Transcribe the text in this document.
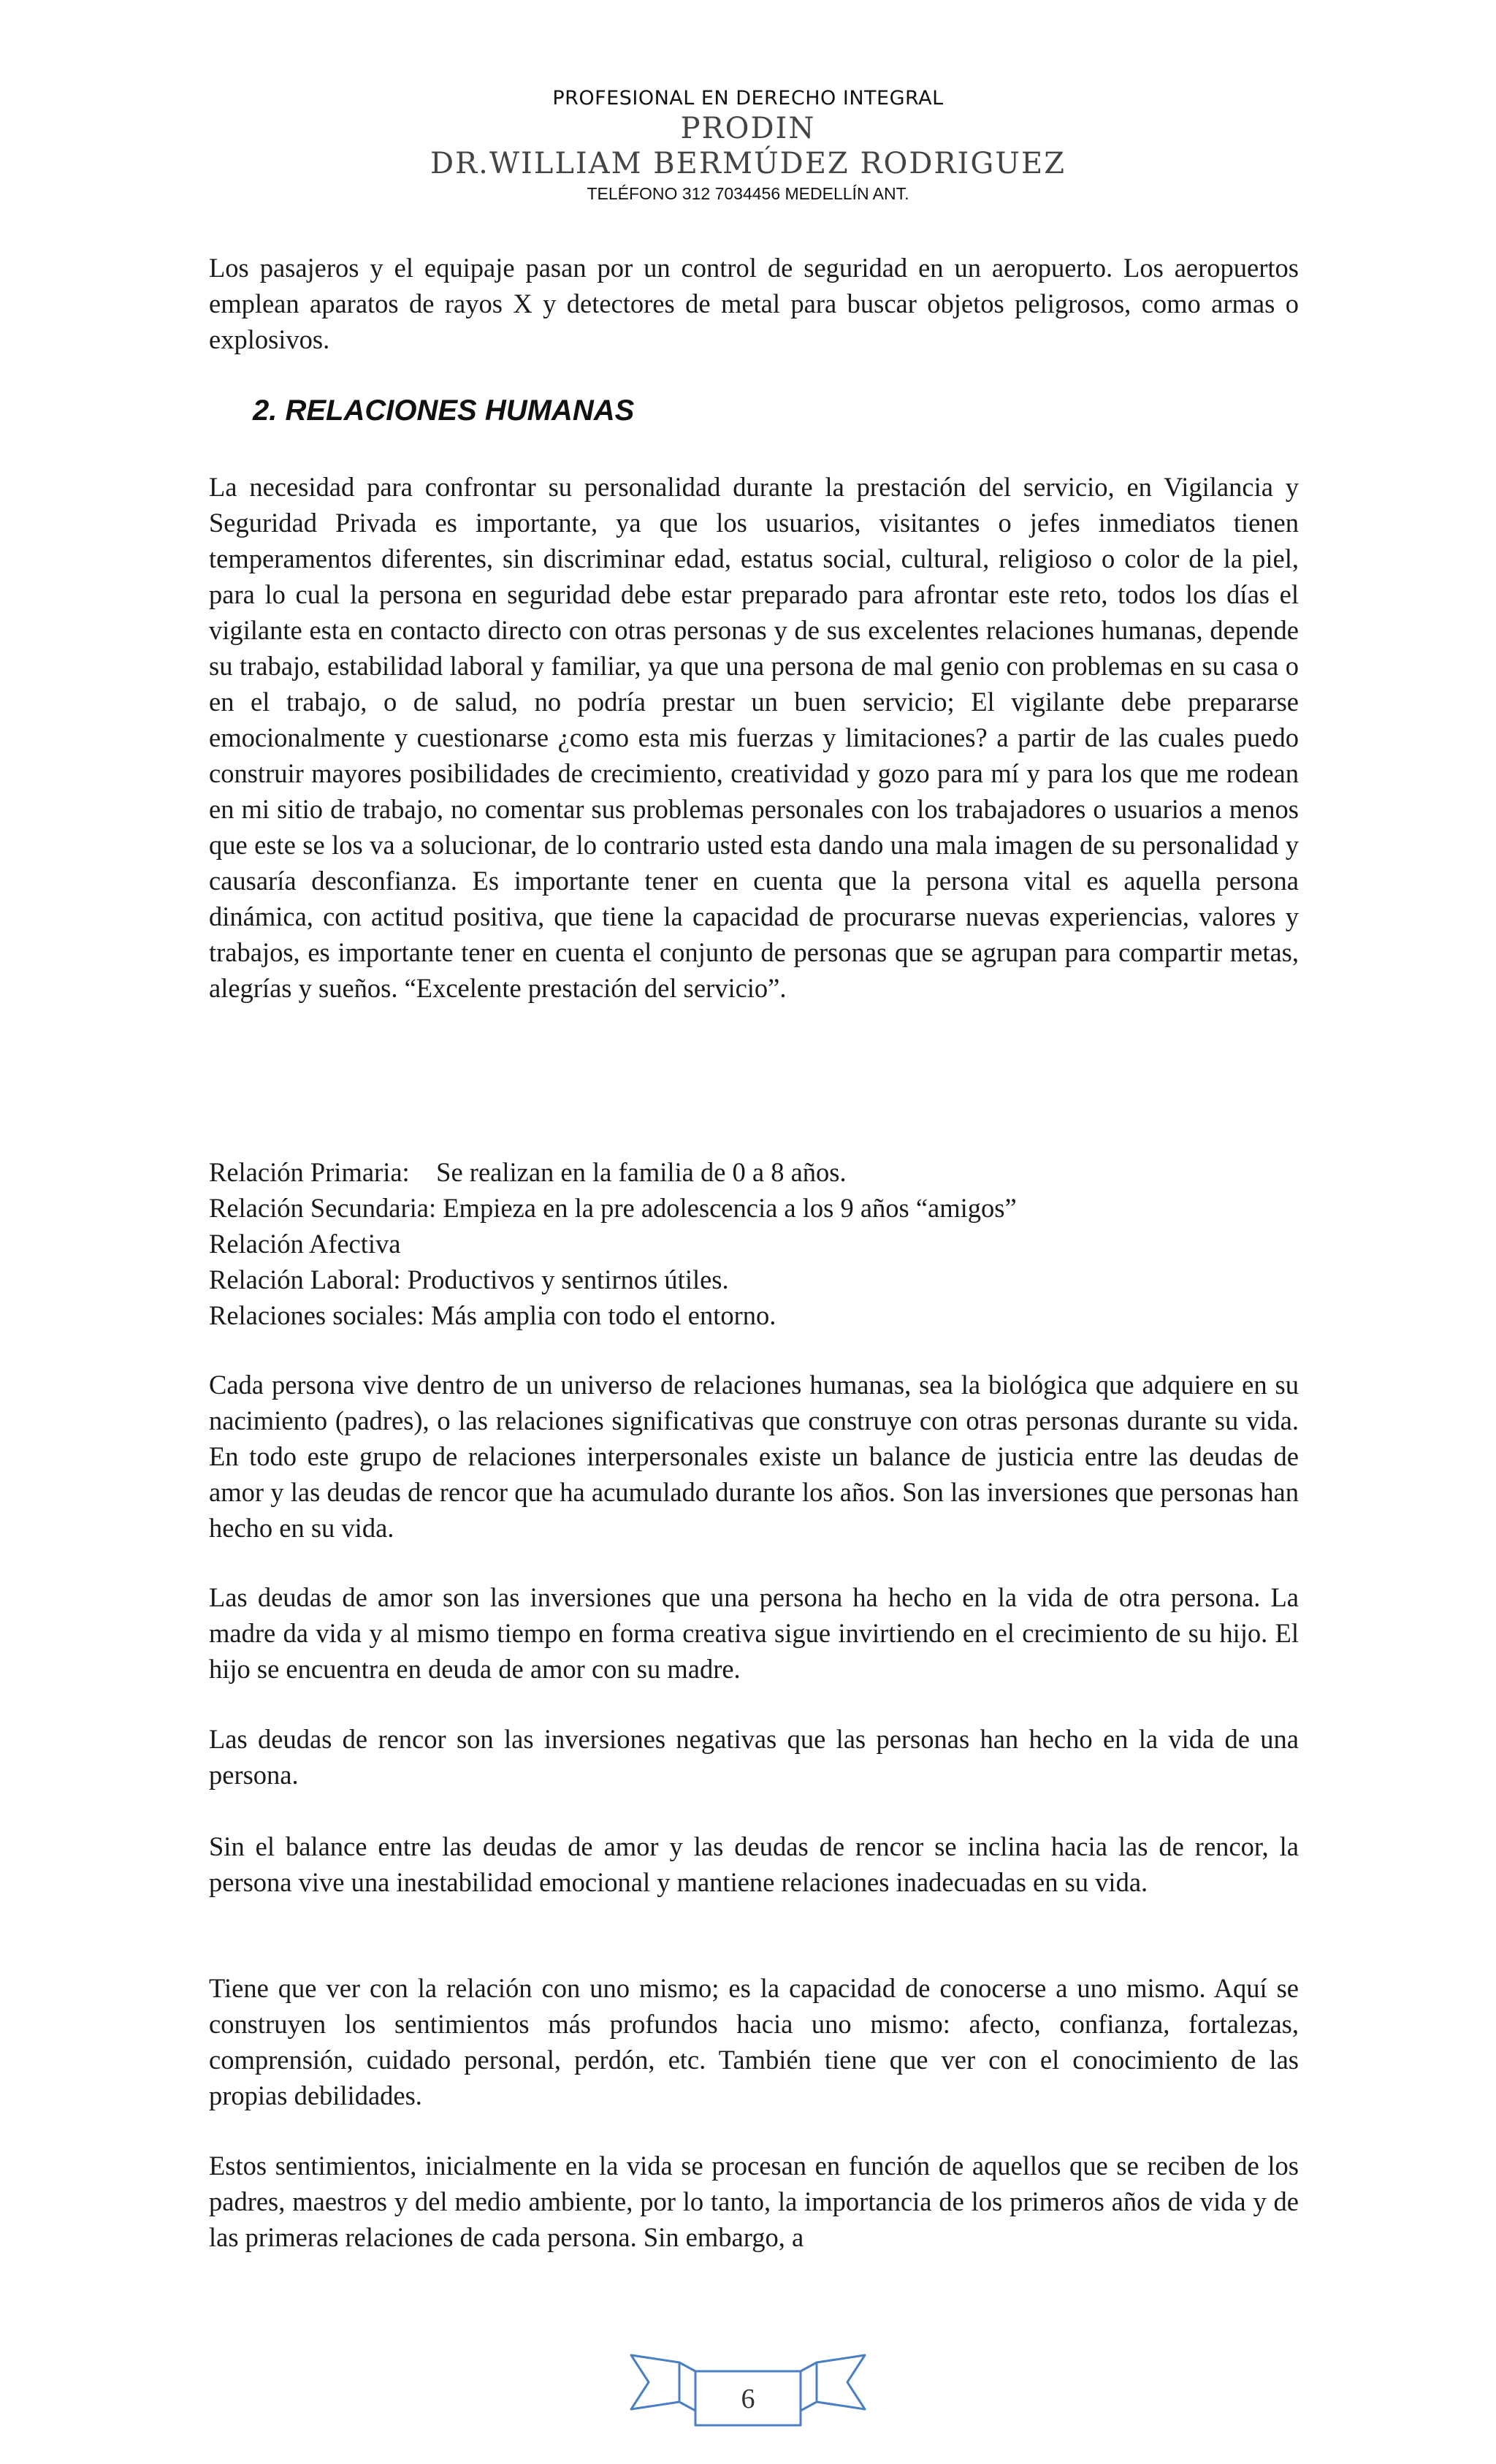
PROFESIONAL EN DERECHO INTEGRAL
PRODIN
DR.WILLIAM BERMÚDEZ RODRIGUEZ
TELÉFONO 312 7034456 MEDELLÍN ANT.

Los pasajeros y el equipaje pasan por un control de seguridad en un aeropuerto. Los aeropuertos emplean aparatos de rayos X y detectores de metal para buscar objetos peligrosos, como armas o explosivos.

2. RELACIONES HUMANAS

La necesidad para confrontar su personalidad durante la prestación del servicio, en Vigilancia y Seguridad Privada es importante, ya que los usuarios, visitantes o jefes inmediatos tienen temperamentos diferentes, sin discriminar edad, estatus social, cultural, religioso o color de la piel, para lo cual la persona en seguridad debe estar preparado para afrontar este reto, todos los días el vigilante esta en contacto directo con otras personas y de sus excelentes relaciones humanas, depende su trabajo, estabilidad laboral y familiar, ya que una persona de mal genio con problemas en su casa o en el trabajo, o de salud, no podría prestar un buen servicio; El vigilante debe prepararse emocionalmente y cuestionarse ¿como esta mis fuerzas y limitaciones? a partir de las cuales puedo construir mayores posibilidades de crecimiento, creatividad y gozo para mí y para los que me rodean en mi sitio de trabajo, no comentar sus problemas personales con los trabajadores o usuarios a menos que este se los va a solucionar, de lo contrario usted esta dando una mala imagen de su personalidad y causaría desconfianza. Es importante tener en cuenta que la persona vital es aquella persona dinámica, con actitud positiva, que tiene la capacidad de procurarse nuevas experiencias, valores y trabajos, es importante tener en cuenta el conjunto de personas que se agrupan para compartir metas, alegrías y sueños. “Excelente prestación del servicio”.

Relación Primaria:    Se realizan en la familia de 0 a 8 años.

Relación Secundaria: Empieza en la pre adolescencia a los 9 años “amigos”

Relación Afectiva

Relación Laboral: Productivos y sentirnos útiles.

Relaciones sociales: Más amplia con todo el entorno.

Cada persona vive dentro de un universo de relaciones humanas, sea la biológica que adquiere en su nacimiento (padres), o las relaciones significativas que construye con otras personas durante su vida. En todo este grupo de relaciones interpersonales existe un balance de justicia entre las deudas de amor y las deudas de rencor que ha acumulado durante los años. Son las inversiones que personas han hecho en su vida.

Las deudas de amor son las inversiones que una persona ha hecho en la vida de otra persona. La madre da vida y al mismo tiempo en forma creativa sigue invirtiendo en el crecimiento de su hijo. El hijo se encuentra en deuda de amor con su madre.

Las deudas de rencor son las inversiones negativas que las personas han hecho en la vida de una persona.

Sin el balance entre las deudas de amor y las deudas de rencor se inclina hacia las de rencor, la persona vive una inestabilidad emocional y mantiene relaciones inadecuadas en su vida.

Tiene que ver con la relación con uno mismo; es la capacidad de conocerse a uno mismo. Aquí se construyen los sentimientos más profundos hacia uno mismo: afecto, confianza, fortalezas, comprensión, cuidado personal, perdón, etc. También tiene que ver con el conocimiento de las propias debilidades.

Estos sentimientos, inicialmente en la vida se procesan en función de aquellos que se reciben de los padres, maestros y del medio ambiente, por lo tanto, la importancia de los primeros años de vida y de las primeras relaciones de cada persona. Sin embargo, a

6
